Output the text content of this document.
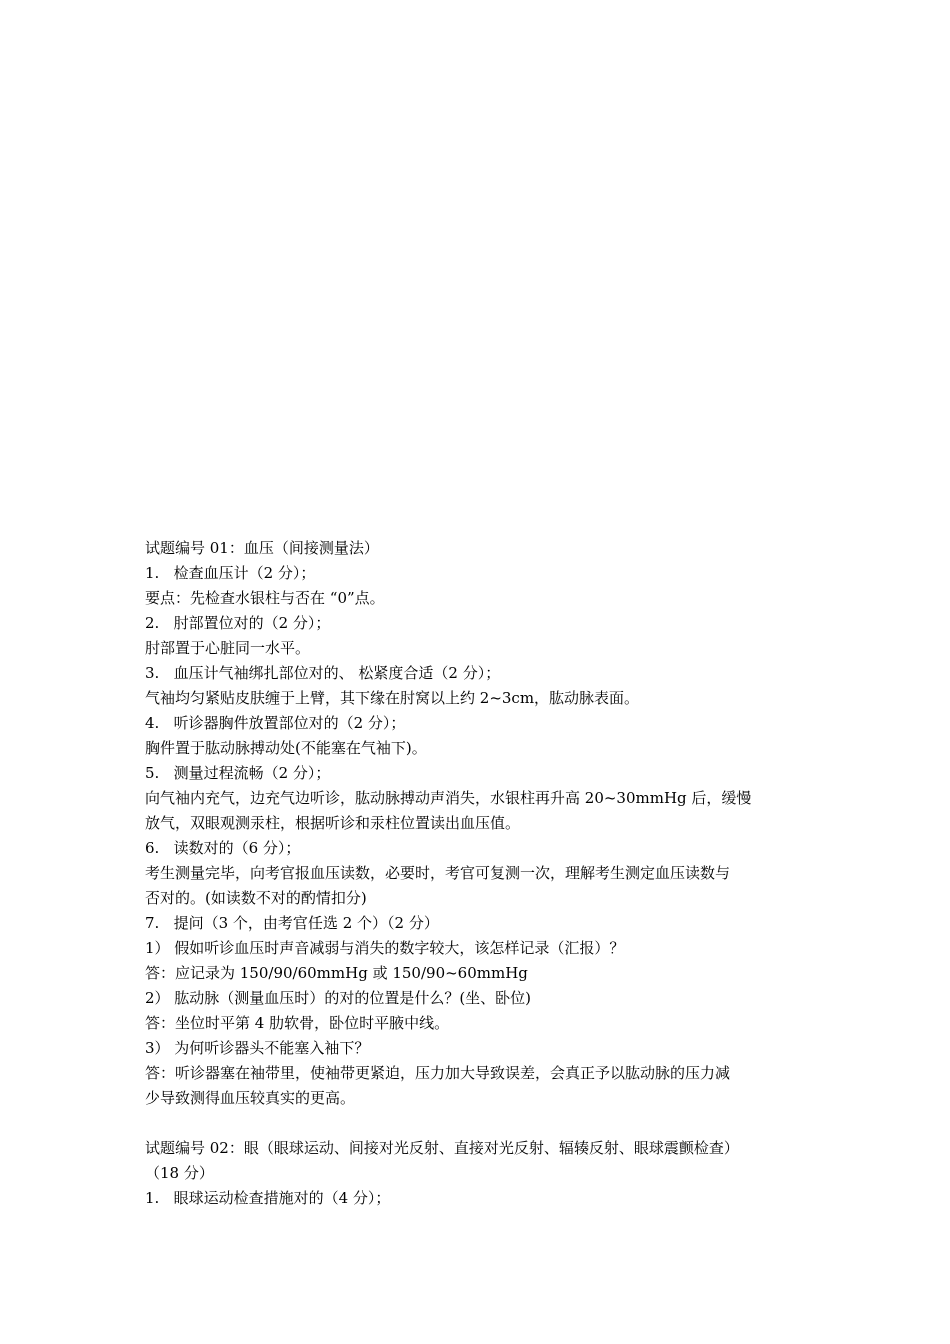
试题编号 01：血压（间接测量法）
1.   检查血压计（2 分）；
要点：先检查水银柱与否在 “0”点。
2.   肘部置位对的（2 分）；
肘部置于心脏同一水平。
3.   血压计气袖绑扎部位对的、 松紧度合适（2 分）；
气袖均匀紧贴皮肤缠于上臂，其下缘在肘窝以上约 2~3cm，肱动脉表面。
4.   听诊器胸件放置部位对的（2 分）；
胸件置于肱动脉搏动处(不能塞在气袖下)。
5.   测量过程流畅（2 分）；
向气袖内充气，边充气边听诊，肱动脉搏动声消失，水银柱再升高 20~30mmHg 后，缓慢
放气，双眼观测汞柱，根据听诊和汞柱位置读出血压值。
6.   读数对的（6 分）；
考生测量完毕，向考官报血压读数，必要时，考官可复测一次，理解考生测定血压读数与
否对的。(如读数不对的酌情扣分)
7.   提问（3 个，由考官任选 2 个）（2 分）
1） 假如听诊血压时声音减弱与消失的数字较大，该怎样记录（汇报）？
答：应记录为 150/90/60mmHg 或 150/90~60mmHg
2） 肱动脉（测量血压时）的对的位置是什么？(坐、卧位)
答：坐位时平第 4 肋软骨，卧位时平腋中线。
3） 为何听诊器头不能塞入袖下？
答：听诊器塞在袖带里，使袖带更紧迫，压力加大导致误差，会真正予以肱动脉的压力减
少导致测得血压较真实的更高。
试题编号 02：眼（眼球运动、间接对光反射、直接对光反射、辐辏反射、眼球震颤检查）
（18 分）
1.   眼球运动检查措施对的（4 分）；
